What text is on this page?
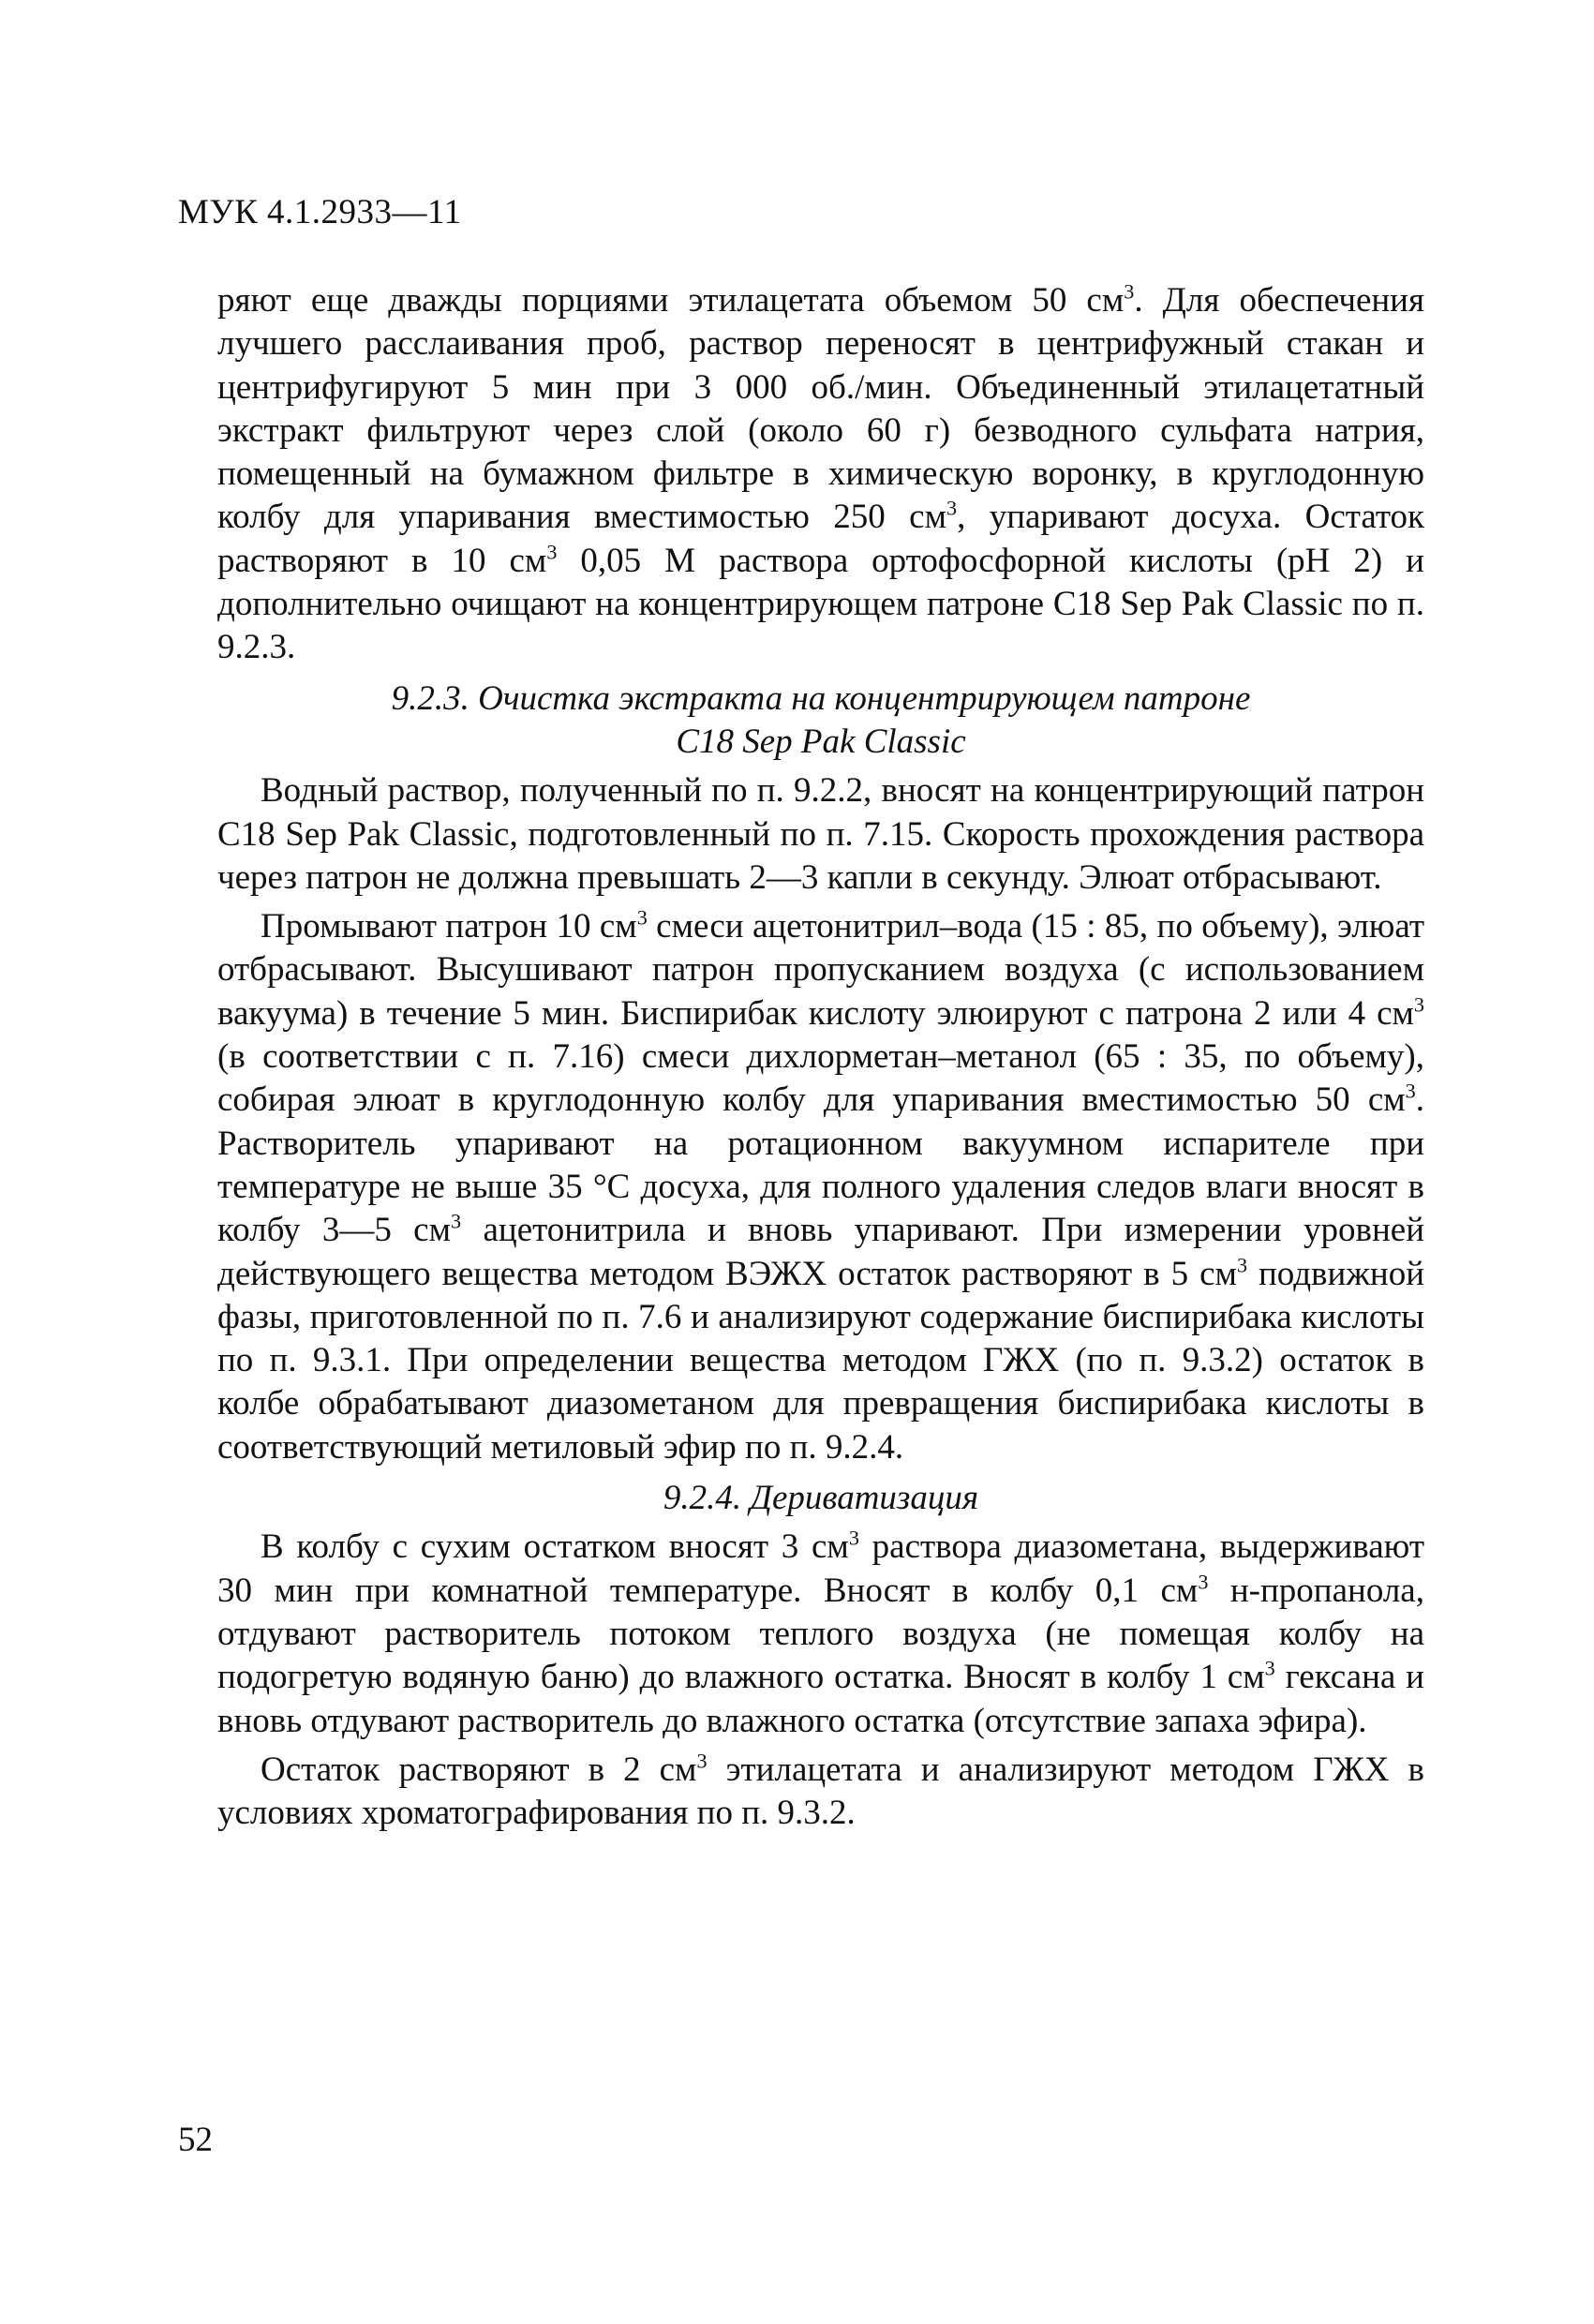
МУК 4.1.2933—11

ряют еще дважды порциями этилацетата объемом 50 $см^3$. Для обеспечения лучшего расслаивания проб, раствор переносят в центрифужный стакан и центрифугируют 5 мин при 3 000 об./мин. Объединенный этилацетатный экстракт фильтруют через слой (около 60 г) безводного сульфата натрия, помещенный на бумажном фильтре в химическую воронку, в круглодонную колбу для упаривания вместимостью 250 $см^3$, упаривают досуха. Остаток растворяют в 10 $см^3$ 0,05 М раствора ортофосфорной кислоты (рН 2) и дополнительно очищают на концентрирующем патроне С18 Sep Pak Classic по п. 9.2.3.

9.2.3. Очистка экстракта на концентрирующем патроне
С18 Sep Pak Classic

Водный раствор, полученный по п. 9.2.2, вносят на концентрирующий патрон С18 Sep Pak Classic, подготовленный по п. 7.15. Скорость прохождения раствора через патрон не должна превышать 2—3 капли в секунду. Элюат отбрасывают.

Промывают патрон 10 $см^3$ смеси ацетонитрил–вода (15 : 85, по объему), элюат отбрасывают. Высушивают патрон пропусканием воздуха (с использованием вакуума) в течение 5 мин. Биспирибак кислоту элюируют с патрона 2 или 4 $см^3$ (в соответствии с п. 7.16) смеси дихлорметан–метанол (65 : 35, по объему), собирая элюат в круглодонную колбу для упаривания вместимостью 50 $см^3$. Растворитель упаривают на ротационном вакуумном испарителе при температуре не выше 35 °С досуха, для полного удаления следов влаги вносят в колбу 3—5 $см^3$ ацетонитрила и вновь упаривают. При измерении уровней действующего вещества методом ВЭЖХ остаток растворяют в 5 $см^3$ подвижной фазы, приготовленной по п. 7.6 и анализируют содержание биспирибака кислоты по п. 9.3.1. При определении вещества методом ГЖХ (по п. 9.3.2) остаток в колбе обрабатывают диазометаном для превращения биспирибака кислоты в соответствующий метиловый эфир по п. 9.2.4.

9.2.4. Дериватизация

В колбу с сухим остатком вносят 3 $см^3$ раствора диазометана, выдерживают 30 мин при комнатной температуре. Вносят в колбу 0,1 $см^3$ н-пропанола, отдувают растворитель потоком теплого воздуха (не помещая колбу на подогретую водяную баню) до влажного остатка. Вносят в колбу 1 $см^3$ гексана и вновь отдувают растворитель до влажного остатка (отсутствие запаха эфира).

Остаток растворяют в 2 $см^3$ этилацетата и анализируют методом ГЖХ в условиях хроматографирования по п. 9.3.2.

52
